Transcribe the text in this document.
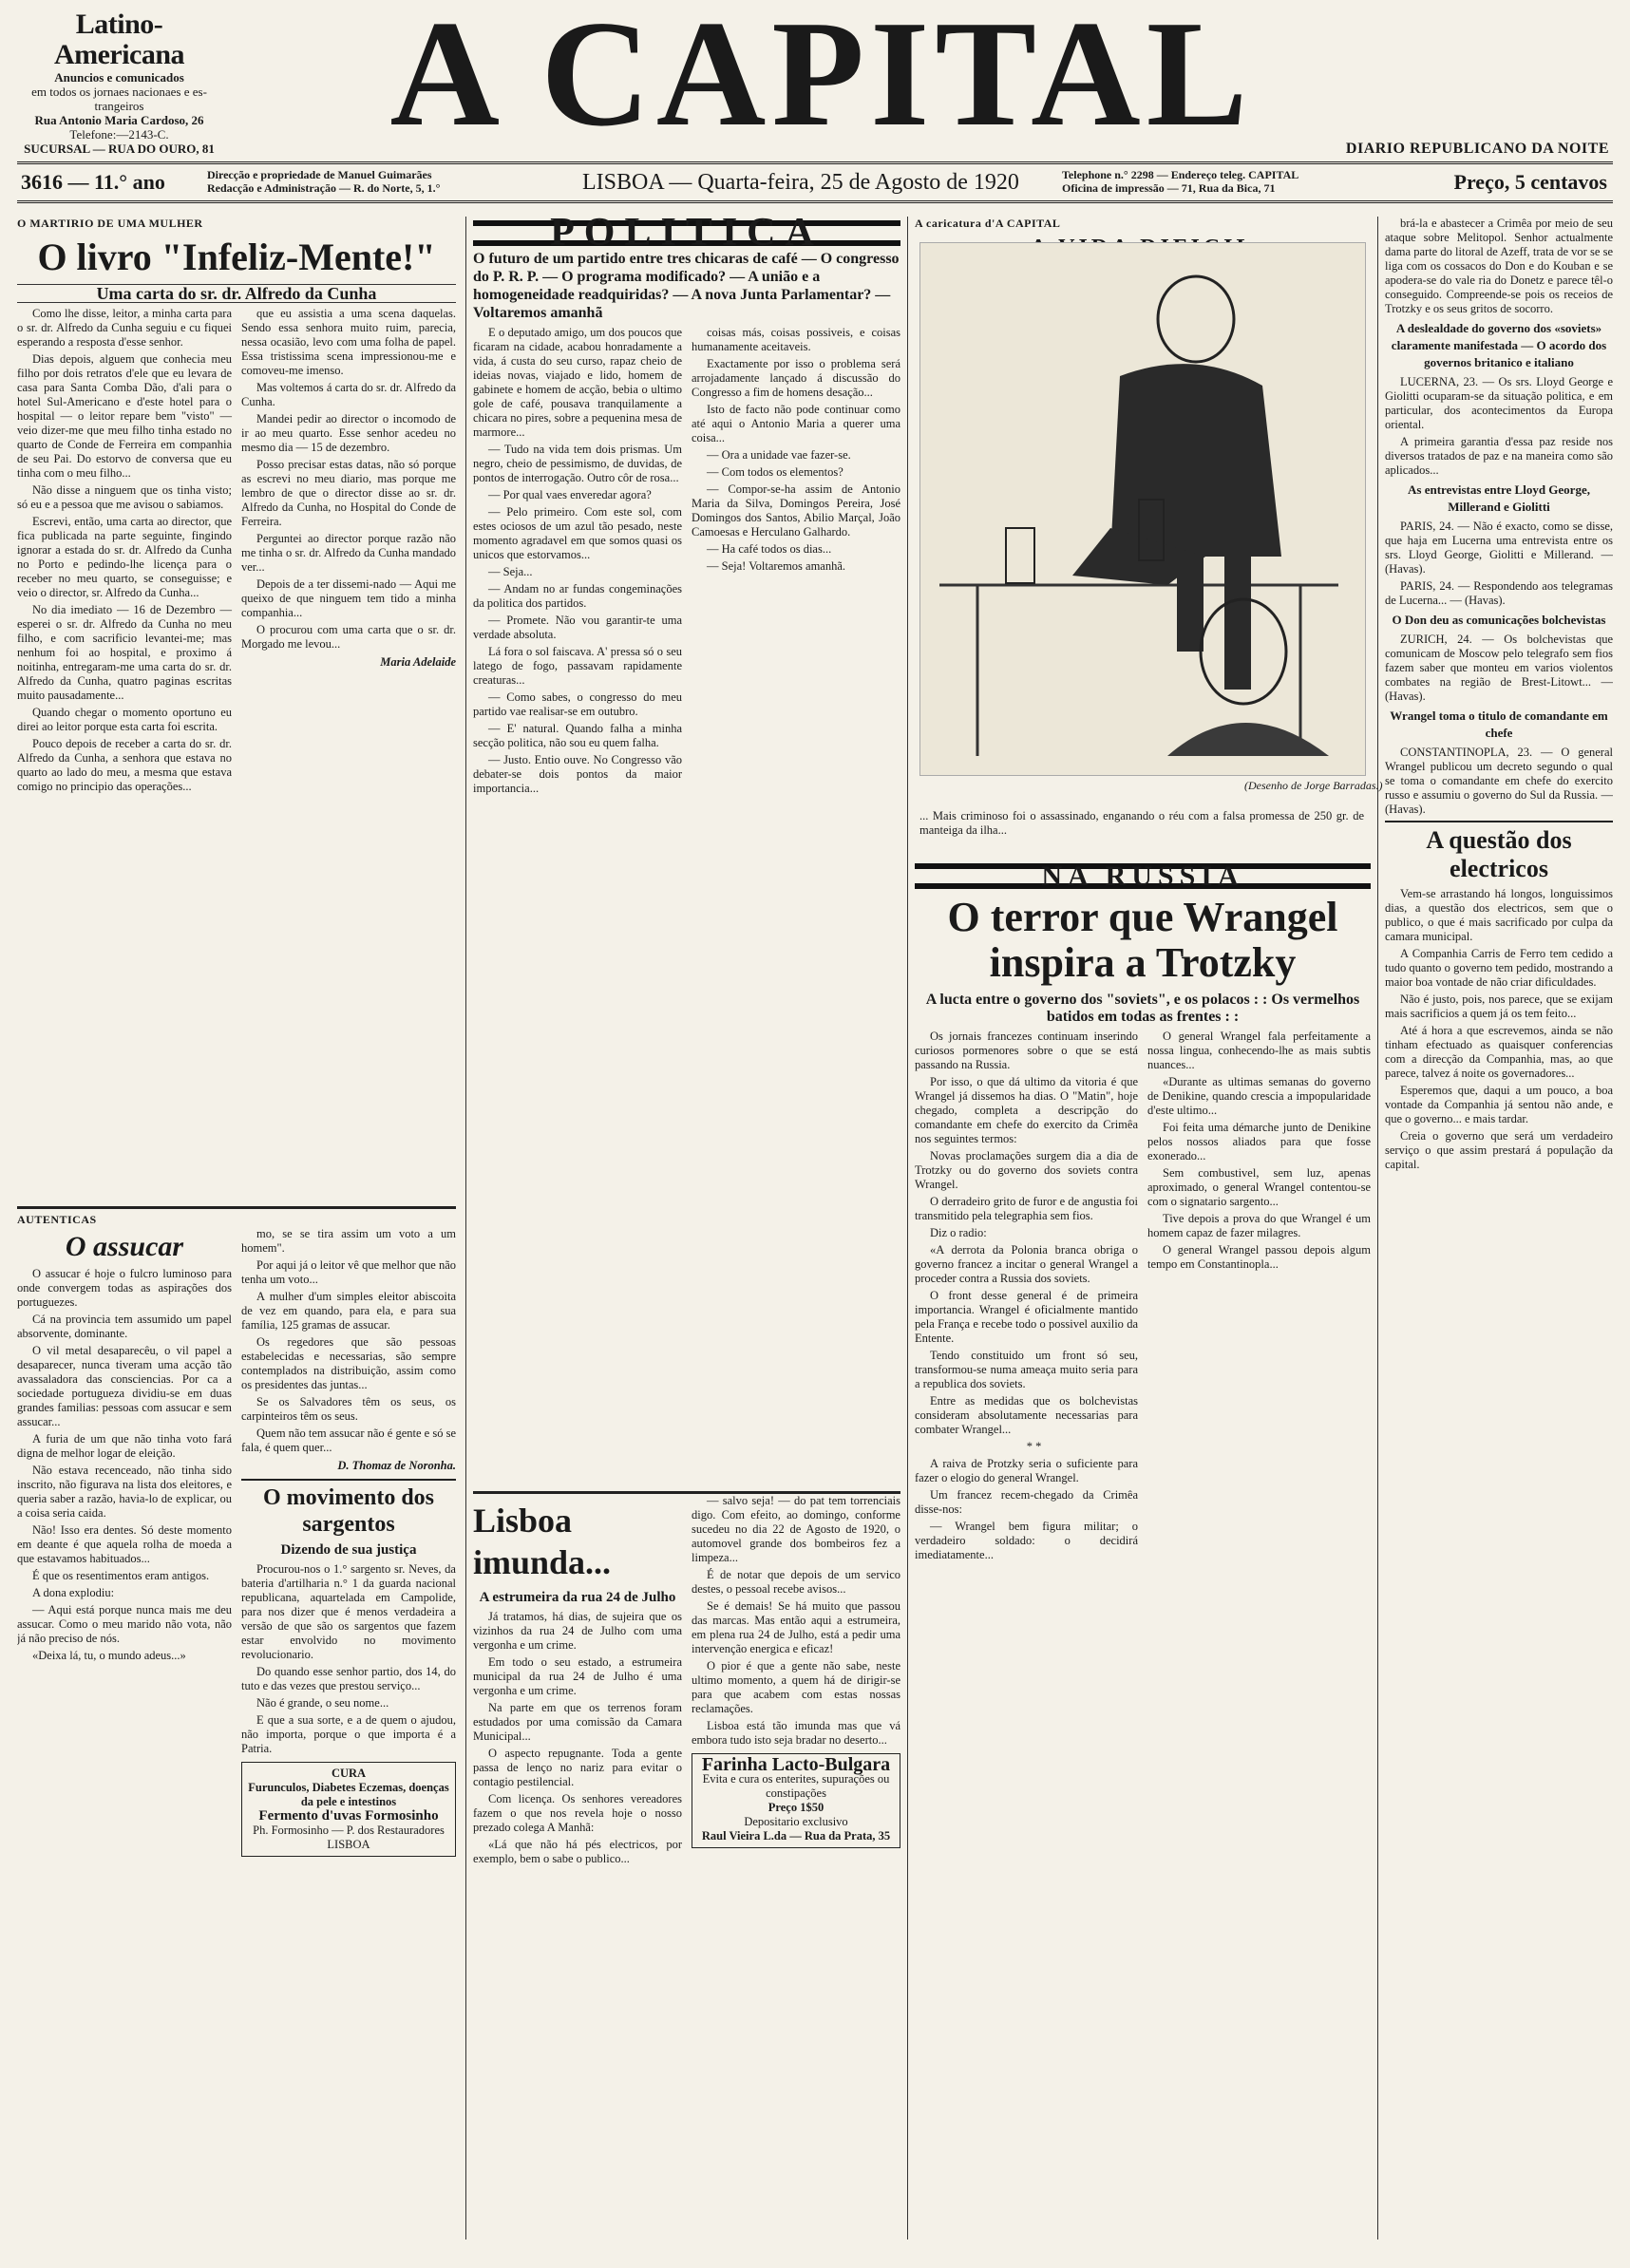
Latino-Americana
Anuncios e comunicados
em todos os jornaes nacionaes e es-
trangeiros
Rua Antonio Maria Cardoso, 26
Telefone:—2143-C.
SUCURSAL — RUA DO OURO, 81	A CAPITAL	DIARIO REPUBLICANO DA NOITE
3616 — 11.° ano	Direcção e propriedade de Manuel Guimarães
Redacção e Administração — R. do Norte, 5, 1.°	LISBOA — Quarta-feira, 25 de Agosto de 1920	Telephone n.° 2298 — Endereço teleg. CAPITAL
Oficina de impressão — 71, Rua da Bica, 71	Preço, 5 centavos
O MARTIRIO DE UMA MULHER
O livro "Infeliz-Mente!"
Uma carta do sr. dr. Alfredo da Cunha

Como lhe disse, leitor, a minha carta para o sr. dr. Alfredo da Cunha seguiu e cu fiquei esperando a resposta d'esse senhor.

Dias depois, alguem que conhecia meu filho por dois retratos d'ele que eu levara de casa para Santa Comba Dão, d'ali para o hotel Sul-Americano e d'este hotel para o hospital — o leitor repare bem "visto" — veio dizer-me que meu filho tinha estado no quarto de Conde de Ferreira em companhia de seu Pai. Do estorvo de conversa que eu tinha com o meu filho...

Não disse a ninguem que os tinha visto; só eu e a pessoa que me avisou o sabiamos.

Escrevi, então, uma carta ao director, que fica publicada na parte seguinte, fingindo ignorar a estada do sr. dr. Alfredo da Cunha no Porto e pedindo-lhe licença para o receber no meu quarto, se conseguisse; e veio o director, sr. Alfredo da Cunha...

No dia imediato — 16 de Dezembro — esperei o sr. dr. Alfredo da Cunha no meu filho, e com sacrificio levantei-me; mas nenhum foi ao hospital, e proximo á noitinha, entregaram-me uma carta do sr. dr. Alfredo da Cunha, quatro paginas escritas muito pausadamente...

Quando chegar o momento oportuno eu direi ao leitor porque esta carta foi escrita.

Pouco depois de receber a carta do sr. dr. Alfredo da Cunha, a senhora que estava no quarto ao lado do meu, a mesma que estava comigo no principio das operações...

que eu assistia a uma scena daquelas. Sendo essa senhora muito ruim, parecia, nessa ocasião, levo com uma folha de papel. Essa tristissima scena impressionou-me e comoveu-me imenso.

Mas voltemos á carta do sr. dr. Alfredo da Cunha.

Mandei pedir ao director o incomodo de ir ao meu quarto. Esse senhor acedeu no mesmo dia — 15 de dezembro.

Posso precisar estas datas, não só porque as escrevi no meu diario, mas porque me lembro de que o director disse ao sr. dr. Alfredo da Cunha, no Hospital do Conde de Ferreira.

Perguntei ao director porque razão não me tinha o sr. dr. Alfredo da Cunha mandado ver...

Depois de a ter dissemi-nado — Aqui me queixo de que ninguem tem tido a minha companhia...

O procurou com uma carta que o sr. dr. Morgado me levou...

Maria Adelaide
AUTENTICAS
O assucar

O assucar é hoje o fulcro luminoso para onde convergem todas as aspirações dos portuguezes.

Cá na provincia tem assumido um papel absorvente, dominante.

O vil metal desaparecêu, o vil papel a desaparecer, nunca tiveram uma acção tão avassaladora das consciencias. Por ca a sociedade portugueza dividiu-se em duas grandes familias: pessoas com assucar e sem assucar...

A furia de um que não tinha voto fará digna de melhor logar de eleição.

Não estava recenceado, não tinha sido inscrito, não figurava na lista dos eleitores, e queria saber a razão, havia-lo de explicar, ou a coisa seria caida.

Não! Isso era dentes. Só deste momento em deante é que aquela rolha de moeda a que estavamos habituados...

É que os resentimentos eram antigos.

A dona explodiu:

— Aqui está porque nunca mais me deu assucar. Como o meu marido não vota, não já não preciso de nós.

«Deixa lá, tu, o mundo adeus...»

mo, se se tira assim um voto a um homem".

Por aqui já o leitor vê que melhor que não tenha um voto...

A mulher d'um simples eleitor abiscoita de vez em quando, para ela, e para sua família, 125 gramas de assucar.

Os regedores que são pessoas estabelecidas e necessarias, são sempre contemplados na distribuição, assim como os presidentes das juntas...

Se os Salvadores têm os seus, os carpinteiros têm os seus.

Quem não tem assucar não é gente e só se fala, é quem quer...

D. Thomaz de Noronha.
O movimento dos sargentos
Dizendo de sua justiça

Procurou-nos o 1.° sargento sr. Neves, da bateria d'artilharia n.° 1 da guarda nacional republicana, aquartelada em Campolide, para nos dizer que é menos verdadeira a versão de que são os sargentos que fazem estar envolvido no movimento revolucionario.

Do quando esse senhor partio, dos 14, do tuto e das vezes que prestou serviço...

Não é grande, o seu nome...

E que a sua sorte, e a de quem o ajudou, não importa, porque o que importa é a Patria.

CURA
Furunculos, Diabetes Eczemas, doenças da pele e intestinos
Fermento d'uvas Formosinho
Ph. Formosinho — P. dos Restauradores LISBOA
POLITICA
O futuro de um partido entre tres chicaras de café — O congresso do P. R. P. — O programa modificado? — A união e a homogeneidade readquiridas? — A nova Junta Parlamentar? — Voltaremos amanhã

E o deputado amigo, um dos poucos que ficaram na cidade, acabou honradamente a vida, á custa do seu curso, rapaz cheio de ideias novas, viajado e lido, homem de gabinete e homem de acção, bebia o ultimo gole de café, pousava tranquilamente a chicara no pires, sobre a pequenina mesa de marmore...

— Tudo na vida tem dois prismas. Um negro, cheio de pessimismo, de duvidas, de pontos de interrogação. Outro côr de rosa...

— Por qual vaes enveredar agora?

— Pelo primeiro. Com este sol, com estes ociosos de um azul tão pesado, neste momento agradavel em que somos quasi os unicos que estorvamos...

— Seja...

— Andam no ar fundas congeminações da politica dos partidos.

— Promete. Não vou garantir-te uma verdade absoluta.

Lá fora o sol faiscava. A' pressa só o seu latego de fogo, passavam rapidamente creaturas...

— Como sabes, o congresso do meu partido vae realisar-se em outubro.

— E' natural. Quando falha a minha secção politica, não sou eu quem falha.

— Justo. Entio ouve. No Congresso vão debater-se dois pontos da maior importancia...

coisas más, coisas possiveis, e coisas humanamente aceitaveis.

Exactamente por isso o problema será arrojadamente lançado á discussão do Congresso a fim de homens desação...

Isto de facto não pode continuar como até aqui o Antonio Maria a querer uma coisa...

— Ora a unidade vae fazer-se.

— Com todos os elementos?

— Compor-se-ha assim de Antonio Maria da Silva, Domingos Pereira, José Domingos dos Santos, Abilio Marçal, João Camoesas e Herculano Galhardo.

— Ha café todos os dias...

— Seja! Voltaremos amanhã.

Lisboa imunda...
A estrumeira da rua 24 de Julho

Já tratamos, há dias, de sujeira que os vizinhos da rua 24 de Julho com uma vergonha e um crime.

Em todo o seu estado, a estrumeira municipal da rua 24 de Julho é uma vergonha e um crime.

Na parte em que os terrenos foram estudados por uma comissão da Camara Municipal...

O aspecto repugnante. Toda a gente passa de lenço no nariz para evitar o contagio pestilencial.

Com licença. Os senhores vereadores fazem o que nos revela hoje o nosso prezado colega A Manhã:

«Lá que não há pés electricos, por exemplo, bem o sabe o publico...

— salvo seja! — do pat tem torrenciais digo. Com efeito, ao domingo, conforme sucedeu no dia 22 de Agosto de 1920, o automovel grande dos bombeiros fez a limpeza...

É de notar que depois de um servico destes, o pessoal recebe avisos...

Se é demais! Se há muito que passou das marcas. Mas então aqui a estrumeira, em plena rua 24 de Julho, está a pedir uma intervenção energica e eficaz!

O pior é que a gente não sabe, neste ultimo momento, a quem há de dirigir-se para que acabem com estas nossas reclamações.

Lisboa está tão imunda mas que vá embora tudo isto seja bradar no deserto...

Farinha Lacto-Bulgara
Evita e cura os enterites, supurações ou constipações
Preço 1$50
Depositario exclusivo
Raul Vieira L.da — Rua da Prata, 35
A caricatura d'A CAPITAL
(Desenho de Jorge Barradas.)
... Mais criminoso foi o assassinado, enganando o réu com a falsa promessa de 250 gr. de manteiga da ilha...
NA RUSSIA
O terror que Wrangel inspira a Trotzky
A lucta entre o governo dos "soviets", e os polacos : : Os vermelhos batidos em todas as frentes : :

Os jornais francezes continuam inserindo curiosos pormenores sobre o que se está passando na Russia.

Por isso, o que dá ultimo da vitoria é que Wrangel já dissemos ha dias. O "Matin", hoje chegado, completa a descripção do comandante em chefe do exercito da Crimêa nos seguintes termos:

Novas proclamações surgem dia a dia de Trotzky ou do governo dos soviets contra Wrangel.

O derradeiro grito de furor e de angustia foi transmitido pela telegraphia sem fios.

Diz o radio:

«A derrota da Polonia branca obriga o governo francez a incitar o general Wrangel a proceder contra a Russia dos soviets.

O front desse general é de primeira importancia. Wrangel é oficialmente mantido pela França e recebe todo o possivel auxilio da Entente.

Tendo constituido um front só seu, transformou-se numa ameaça muito seria para a republica dos soviets.

Entre as medidas que os bolchevistas consideram absolutamente necessarias para combater Wrangel...

* *

A raiva de Protzky seria o suficiente para fazer o elogio do general Wrangel.

Um francez recem-chegado da Crimêa disse-nos:

— Wrangel bem figura militar; o verdadeiro soldado: o decidirá imediatamente...

O general Wrangel fala perfeitamente a nossa lingua, conhecendo-lhe as mais subtis nuances...

«Durante as ultimas semanas do governo de Denikine, quando crescia a impopularidade d'este ultimo...

Foi feita uma démarche junto de Denikine pelos nossos aliados para que fosse exonerado...

Sem combustivel, sem luz, apenas aproximado, o general Wrangel contentou-se com o signatario sargento...

Tive depois a prova do que Wrangel é um homem capaz de fazer milagres.

O general Wrangel passou depois algum tempo em Constantinopla...

brá-la e abastecer a Crimêa por meio de seu ataque sobre Melitopol. Senhor actualmente dama parte do litoral de Azeff, trata de vor se se liga com os cossacos do Don e do Kouban e se apodera-se do vale ria do Donetz e parece têl-o conseguido. Compreende-se pois os receios de Trotzky e os seus gritos de socorro.

A deslealdade do governo dos «soviets» claramente manifestada — O acordo dos governos britanico e italiano

LUCERNA, 23. — Os srs. Lloyd George e Giolitti ocuparam-se da situação politica, e em particular, dos acontecimentos da Europa oriental.

A primeira garantia d'essa paz reside nos diversos tratados de paz e na maneira como são aplicados...

As entrevistas entre Lloyd George, Millerand e Giolitti

PARIS, 24. — Não é exacto, como se disse, que haja em Lucerna uma entrevista entre os srs. Lloyd George, Giolitti e Millerand. — (Havas).

PARIS, 24. — Respondendo aos telegramas de Lucerna... — (Havas).

O Don deu as comunicações bolchevistas

ZURICH, 24. — Os bolchevistas que comunicam de Moscow pelo telegrafo sem fios fazem saber que monteu em varios violentos combates na região de Brest-Litowt... — (Havas).

Wrangel toma o titulo de comandante em chefe

CONSTANTINOPLA, 23. — O general Wrangel publicou um decreto segundo o qual se toma o comandante em chefe do exercito russo e assumiu o governo do Sul da Russia. — (Havas).

A questão dos electricos

Vem-se arrastando há longos, longuissimos dias, a questão dos electricos, sem que o publico, o que é mais sacrificado por culpa da camara municipal.

A Companhia Carris de Ferro tem cedido a tudo quanto o governo tem pedido, mostrando a maior boa vontade de não criar dificuldades.

Não é justo, pois, nos parece, que se exijam mais sacrificios a quem já os tem feito...

Até á hora a que escrevemos, ainda se não tinham efectuado as quaisquer conferencias com a direcção da Companhia, mas, ao que parece, talvez á noite os governadores...

Esperemos que, daqui a um pouco, a boa vontade da Companhia já sentou não ande, e que o governo... e mais tardar.

Creia o governo que será um verdadeiro serviço o que assim prestará á população da capital.
